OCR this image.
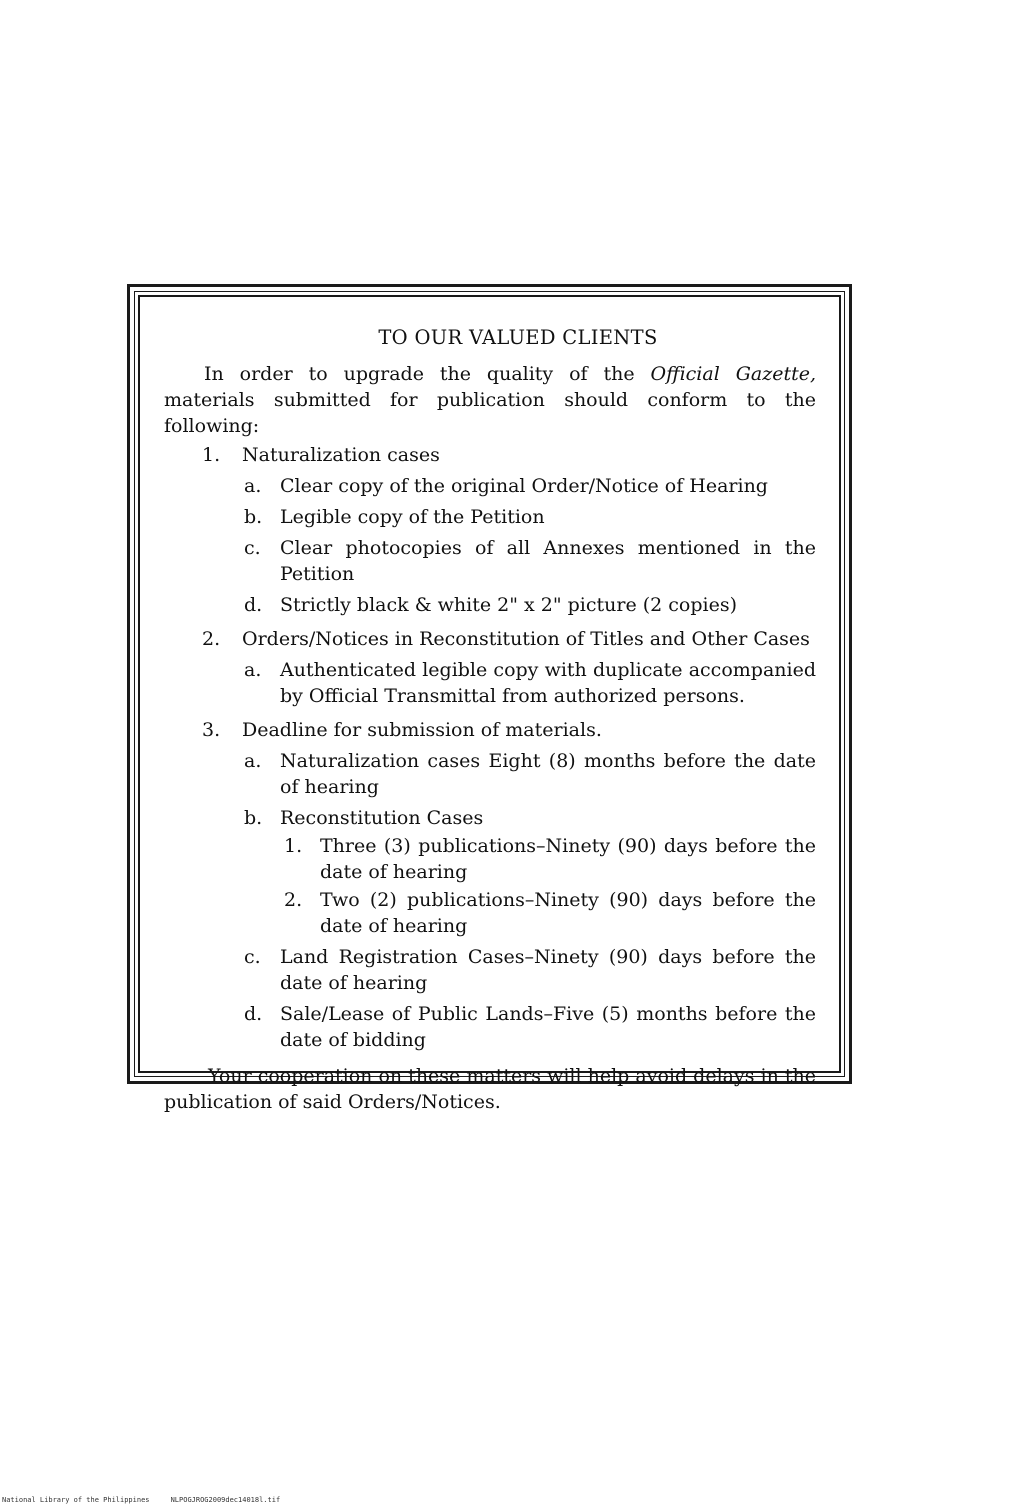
TO OUR VALUED CLIENTS

In order to upgrade the quality of the Official Gazette, materials submitted for publication should conform to the following:

1. Naturalization cases
a. Clear copy of the original Order/Notice of Hearing
b. Legible copy of the Petition
c. Clear photocopies of all Annexes mentioned in the Petition
d. Strictly black & white 2" x 2" picture (2 copies)
2. Orders/Notices in Reconstitution of Titles and Other Cases
a. Authenticated legible copy with duplicate accompanied by Official Transmittal from authorized persons.
3. Deadline for submission of materials.
a. Naturalization cases Eight (8) months before the date of hearing
b. Reconstitution Cases
1. Three (3) publications–Ninety (90) days before the date of hearing
2. Two (2) publications–Ninety (90) days before the date of hearing
c. Land Registration Cases–Ninety (90) days before the date of hearing
d. Sale/Lease of Public Lands–Five (5) months before the date of bidding

Your cooperation on these matters will help avoid delays in the publication of said Orders/Notices.

National Library of the Philippines	NLPOGJROG2009dec14018l.tif
